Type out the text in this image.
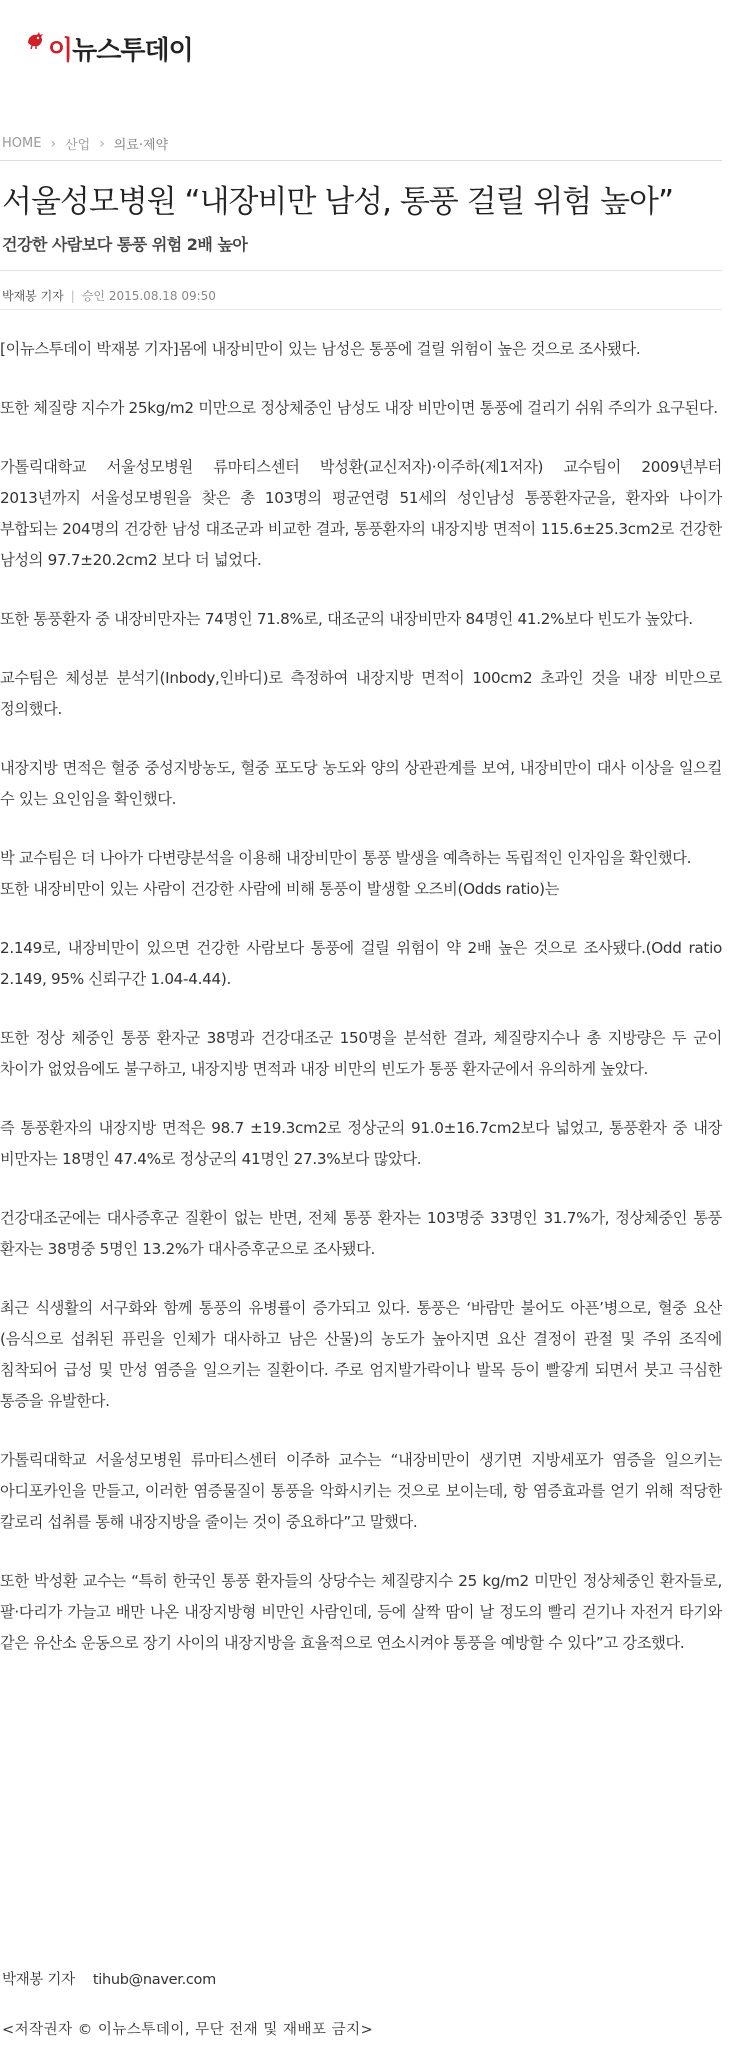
이뉴스투데이
HOME › 산업 › 의료·제약
서울성모병원 “내장비만 남성, 통풍 걸릴 위험 높아”
건강한 사람보다 통풍 위험 2배 높아
박재봉 기자 | 승인 2015.08.18 09:50

[이뉴스투데이 박재봉 기자]몸에 내장비만이 있는 남성은 통풍에 걸릴 위험이 높은 것으로 조사됐다.

또한 체질량 지수가 25kg/m2 미만으로 정상체중인 남성도 내장 비만이면 통풍에 걸리기 쉬워 주의가 요구된다.

가톨릭대학교 서울성모병원 류마티스센터 박성환(교신저자)·이주하(제1저자) 교수팀이 2009년부터 2013년까지 서울성모병원을 찾은 총 103명의 평균연령 51세의 성인남성 통풍환자군을, 환자와 나이가 부합되는 204명의 건강한 남성 대조군과 비교한 결과, 통풍환자의 내장지방 면적이 115.6±25.3cm2로 건강한 남성의 97.7±20.2cm2 보다 더 넓었다.

또한 통풍환자 중 내장비만자는 74명인 71.8%로, 대조군의 내장비만자 84명인 41.2%보다 빈도가 높았다.

교수팀은 체성분 분석기(Inbody,인바디)로 측정하여 내장지방 면적이 100cm2 초과인 것을 내장 비만으로 정의했다.

내장지방 면적은 혈중 중성지방농도, 혈중 포도당 농도와 양의 상관관계를 보여, 내장비만이 대사 이상을 일으킬 수 있는 요인임을 확인했다.

박 교수팀은 더 나아가 다변량분석을 이용해 내장비만이 통풍 발생을 예측하는 독립적인 인자임을 확인했다.

또한 내장비만이 있는 사람이 건강한 사람에 비해 통풍이 발생할 오즈비(Odds ratio)는

2.149로, 내장비만이 있으면 건강한 사람보다 통풍에 걸릴 위험이 약 2배 높은 것으로 조사됐다.(Odd ratio 2.149, 95% 신뢰구간 1.04-4.44).

또한 정상 체중인 통풍 환자군 38명과 건강대조군 150명을 분석한 결과, 체질량지수나 총 지방량은 두 군이 차이가 없었음에도 불구하고, 내장지방 면적과 내장 비만의 빈도가 통풍 환자군에서 유의하게 높았다.

즉 통풍환자의 내장지방 면적은 98.7 ±19.3cm2로 정상군의 91.0±16.7cm2보다 넓었고, 통풍환자 중 내장 비만자는 18명인 47.4%로 정상군의 41명인 27.3%보다 많았다.

건강대조군에는 대사증후군 질환이 없는 반면, 전체 통풍 환자는 103명중 33명인 31.7%가, 정상체중인 통풍 환자는 38명중 5명인 13.2%가 대사증후군으로 조사됐다.

최근 식생활의 서구화와 함께 통풍의 유병률이 증가되고 있다. 통풍은 ‘바람만 불어도 아픈’병으로, 혈중 요산(음식으로 섭취된 퓨린을 인체가 대사하고 남은 산물)의 농도가 높아지면 요산 결정이 관절 및 주위 조직에 침착되어 급성 및 만성 염증을 일으키는 질환이다. 주로 엄지발가락이나 발목 등이 빨갛게 되면서 붓고 극심한 통증을 유발한다.

가톨릭대학교 서울성모병원 류마티스센터 이주하 교수는 “내장비만이 생기면 지방세포가 염증을 일으키는 아디포카인을 만들고, 이러한 염증물질이 통풍을 악화시키는 것으로 보이는데, 항 염증효과를 얻기 위해 적당한 칼로리 섭취를 통해 내장지방을 줄이는 것이 중요하다”고 말했다.

또한 박성환 교수는 “특히 한국인 통풍 환자들의 상당수는 체질량지수 25 kg/m2 미만인 정상체중인 환자들로, 팔·다리가 가늘고 배만 나온 내장지방형 비만인 사람인데, 등에 살짝 땀이 날 정도의 빨리 걷기나 자전거 타기와 같은 유산소 운동으로 장기 사이의 내장지방을 효율적으로 연소시켜야 통풍을 예방할 수 있다”고 강조했다.

박재봉 기자 tihub@naver.com
<저작권자 © 이뉴스투데이, 무단 전재 및 재배포 금지>
